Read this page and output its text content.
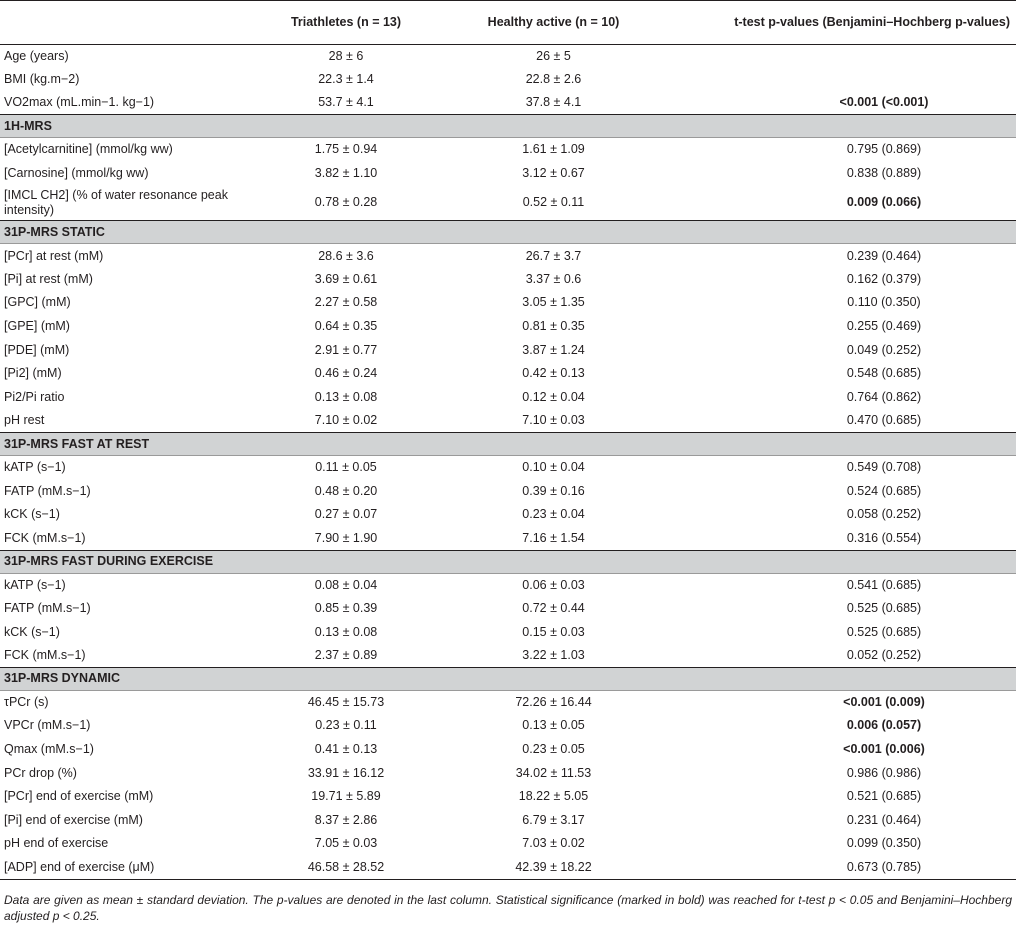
	Triathletes (n = 13)	Healthy active (n = 10)	t-test p-values (Benjamini–Hochberg p-values)
Age (years)	28 ± 6	26 ± 5	
BMI (kg.m−2)	22.3 ± 1.4	22.8 ± 2.6	
VO2max (mL.min−1. kg−1)	53.7 ± 4.1	37.8 ± 4.1	<0.001 (<0.001)
1H-MRS			
[Acetylcarnitine] (mmol/kg ww)	1.75 ± 0.94	1.61 ± 1.09	0.795 (0.869)
[Carnosine] (mmol/kg ww)	3.82 ± 1.10	3.12 ± 0.67	0.838 (0.889)
[IMCL CH2] (% of water resonance peak intensity)	0.78 ± 0.28	0.52 ± 0.11	0.009 (0.066)
31P-MRS STATIC			
[PCr] at rest (mM)	28.6 ± 3.6	26.7 ± 3.7	0.239 (0.464)
[Pi] at rest (mM)	3.69 ± 0.61	3.37 ± 0.6	0.162 (0.379)
[GPC] (mM)	2.27 ± 0.58	3.05 ± 1.35	0.110 (0.350)
[GPE] (mM)	0.64 ± 0.35	0.81 ± 0.35	0.255 (0.469)
[PDE] (mM)	2.91 ± 0.77	3.87 ± 1.24	0.049 (0.252)
[Pi2] (mM)	0.46 ± 0.24	0.42 ± 0.13	0.548 (0.685)
Pi2/Pi ratio	0.13 ± 0.08	0.12 ± 0.04	0.764 (0.862)
pH rest	7.10 ± 0.02	7.10 ± 0.03	0.470 (0.685)
31P-MRS FAST AT REST			
kATP (s−1)	0.11 ± 0.05	0.10 ± 0.04	0.549 (0.708)
FATP (mM.s−1)	0.48 ± 0.20	0.39 ± 0.16	0.524 (0.685)
kCK (s−1)	0.27 ± 0.07	0.23 ± 0.04	0.058 (0.252)
FCK (mM.s−1)	7.90 ± 1.90	7.16 ± 1.54	0.316 (0.554)
31P-MRS FAST DURING EXERCISE			
kATP (s−1)	0.08 ± 0.04	0.06 ± 0.03	0.541 (0.685)
FATP (mM.s−1)	0.85 ± 0.39	0.72 ± 0.44	0.525 (0.685)
kCK (s−1)	0.13 ± 0.08	0.15 ± 0.03	0.525 (0.685)
FCK (mM.s−1)	2.37 ± 0.89	3.22 ± 1.03	0.052 (0.252)
31P-MRS DYNAMIC			
τPCr (s)	46.45 ± 15.73	72.26 ± 16.44	<0.001 (0.009)
VPCr (mM.s−1)	0.23 ± 0.11	0.13 ± 0.05	0.006 (0.057)
Qmax (mM.s−1)	0.41 ± 0.13	0.23 ± 0.05	<0.001 (0.006)
PCr drop (%)	33.91 ± 16.12	34.02 ± 11.53	0.986 (0.986)
[PCr] end of exercise (mM)	19.71 ± 5.89	18.22 ± 5.05	0.521 (0.685)
[Pi] end of exercise (mM)	8.37 ± 2.86	6.79 ± 3.17	0.231 (0.464)
pH end of exercise	7.05 ± 0.03	7.03 ± 0.02	0.099 (0.350)
[ADP] end of exercise (μM)	46.58 ± 28.52	42.39 ± 18.22	0.673 (0.785)
Data are given as mean ± standard deviation. The p-values are denoted in the last column. Statistical significance (marked in bold) was reached for t-test p < 0.05 and Benjamini–Hochberg adjusted p < 0.25.
